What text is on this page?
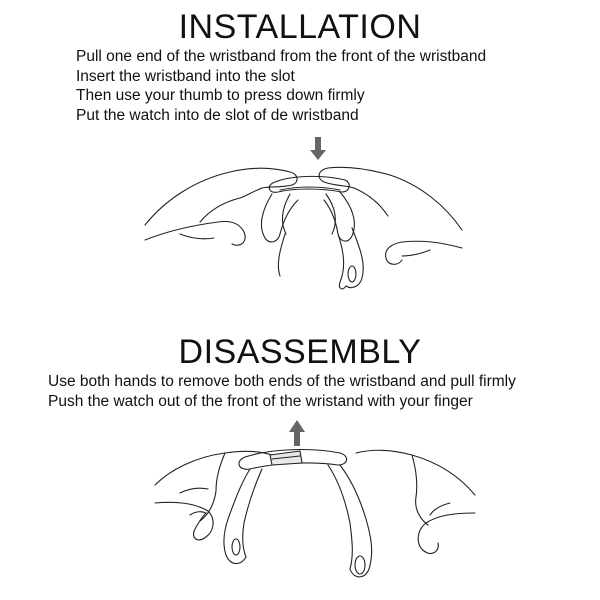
INSTALLATION
Pull one end of the wristband from the front of the wristband
Insert the wristband into the slot
Then use your thumb to press down firmly
Put the watch into de slot of de wristband
DISASSEMBLY
Use both hands to remove both ends of the wristband and pull firmly
Push the watch out of the front of the wristand with your finger
